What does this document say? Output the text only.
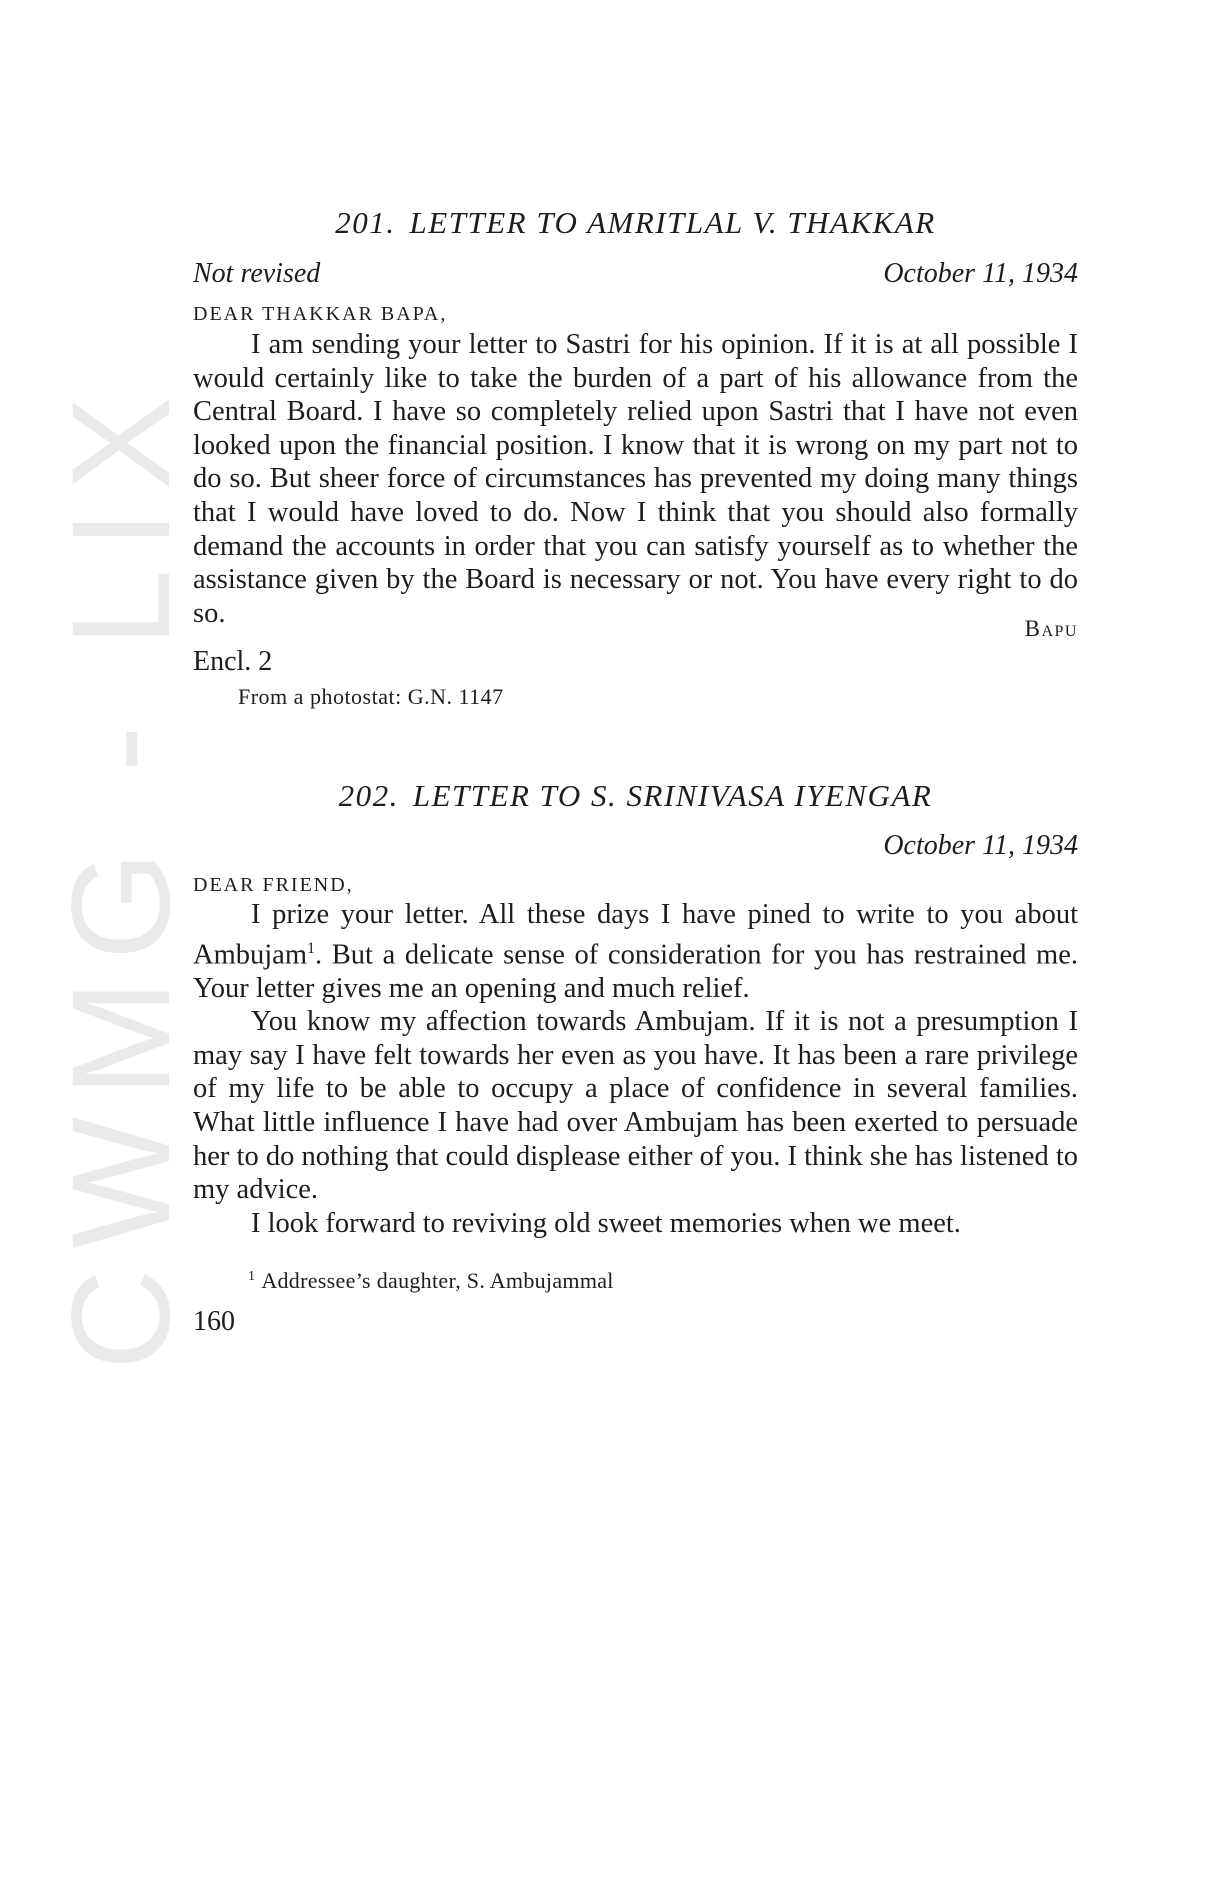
CWMG - LIX
201. LETTER TO AMRITLAL V. THAKKAR
Not revised	October 11, 1934
DEAR THAKKAR BAPA,

I am sending your letter to Sastri for his opinion. If it is at all possible I would certainly like to take the burden of a part of his allowance from the Central Board. I have so completely relied upon Sastri that I have not even looked upon the financial position. I know that it is wrong on my part not to do so. But sheer force of circumstances has prevented my doing many things that I would have loved to do. Now I think that you should also formally demand the accounts in order that you can satisfy yourself as to whether the assistance given by the Board is necessary or not. You have every right to do so.	Bapu
Encl. 2
From a photostat: G.N. 1147
202. LETTER TO S. SRINIVASA IYENGAR
October 11, 1934
DEAR FRIEND,

I prize your letter. All these days I have pined to write to you about Ambujam$^1$. But a delicate sense of consideration for you has restrained me. Your letter gives me an opening and much relief.

You know my affection towards Ambujam. If it is not a presumption I may say I have felt towards her even as you have. It has been a rare privilege of my life to be able to occupy a place of confidence in several families. What little influence I have had over Ambujam has been exerted to persuade her to do nothing that could displease either of you. I think she has listened to my advice.

I look forward to reviving old sweet memories when we meet.

$^1$ Addressee’s daughter, S. Ambujammal
160
